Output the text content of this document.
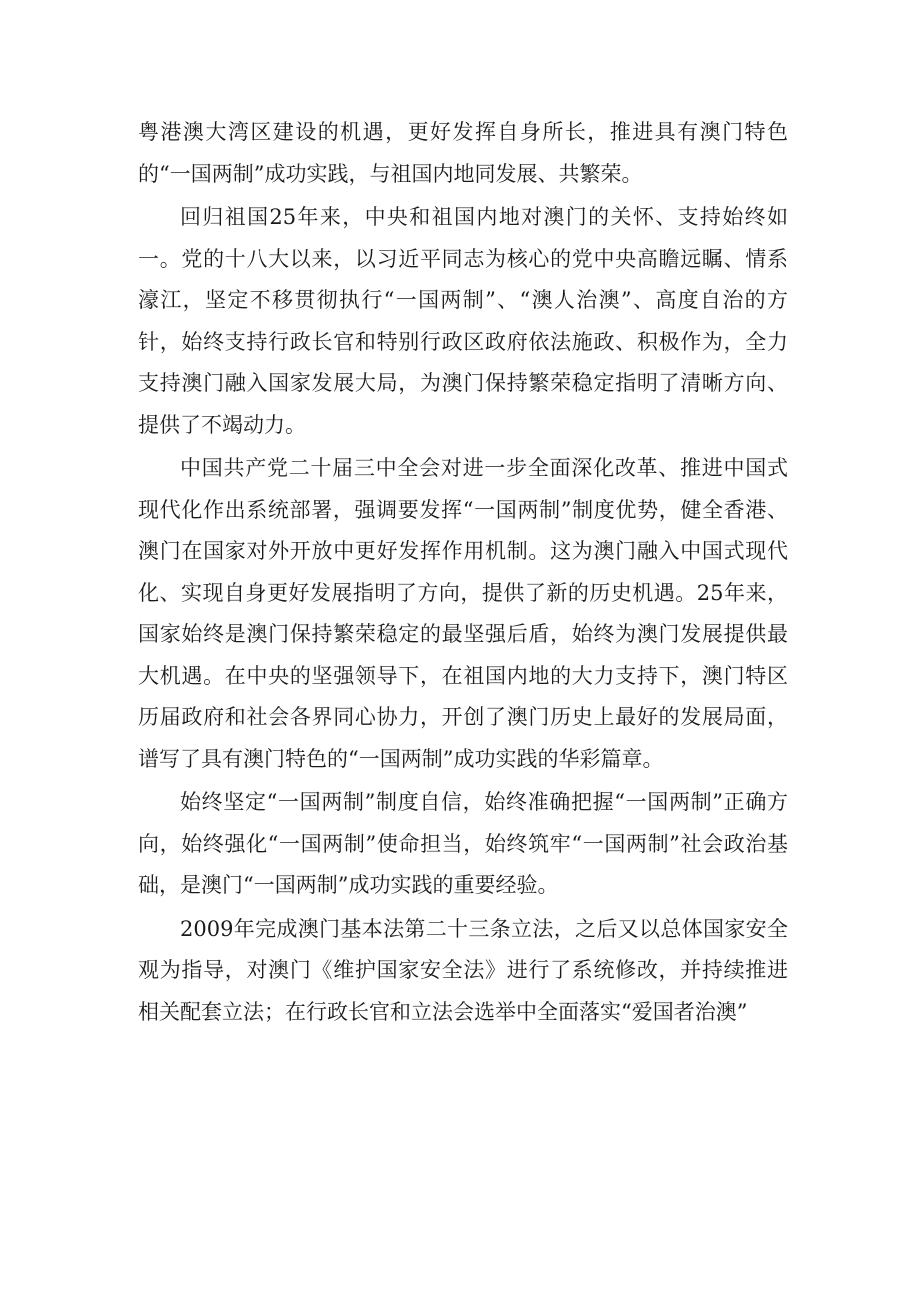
粤港澳大湾区建设的机遇，更好发挥自身所长，推进具有澳门特色的“一国两制”成功实践，与祖国内地同发展、共繁荣。

回归祖国25年来，中央和祖国内地对澳门的关怀、支持始终如一。党的十八大以来，以习近平同志为核心的党中央高瞻远瞩、情系濠江，坚定不移贯彻执行“一国两制”、“澳人治澳”、高度自治的方针，始终支持行政长官和特别行政区政府依法施政、积极作为，全力支持澳门融入国家发展大局，为澳门保持繁荣稳定指明了清晰方向、提供了不竭动力。

中国共产党二十届三中全会对进一步全面深化改革、推进中国式现代化作出系统部署，强调要发挥“一国两制”制度优势，健全香港、澳门在国家对外开放中更好发挥作用机制。这为澳门融入中国式现代化、实现自身更好发展指明了方向，提供了新的历史机遇。25年来，国家始终是澳门保持繁荣稳定的最坚强后盾，始终为澳门发展提供最大机遇。在中央的坚强领导下，在祖国内地的大力支持下，澳门特区历届政府和社会各界同心协力，开创了澳门历史上最好的发展局面，谱写了具有澳门特色的“一国两制”成功实践的华彩篇章。

始终坚定“一国两制”制度自信，始终准确把握“一国两制”正确方向，始终强化“一国两制”使命担当，始终筑牢“一国两制”社会政治基础，是澳门“一国两制”成功实践的重要经验。

2009年完成澳门基本法第二十三条立法，之后又以总体国家安全观为指导，对澳门《维护国家安全法》进行了系统修改，并持续推进相关配套立法；在行政长官和立法会选举中全面落实“爱国者治澳”
